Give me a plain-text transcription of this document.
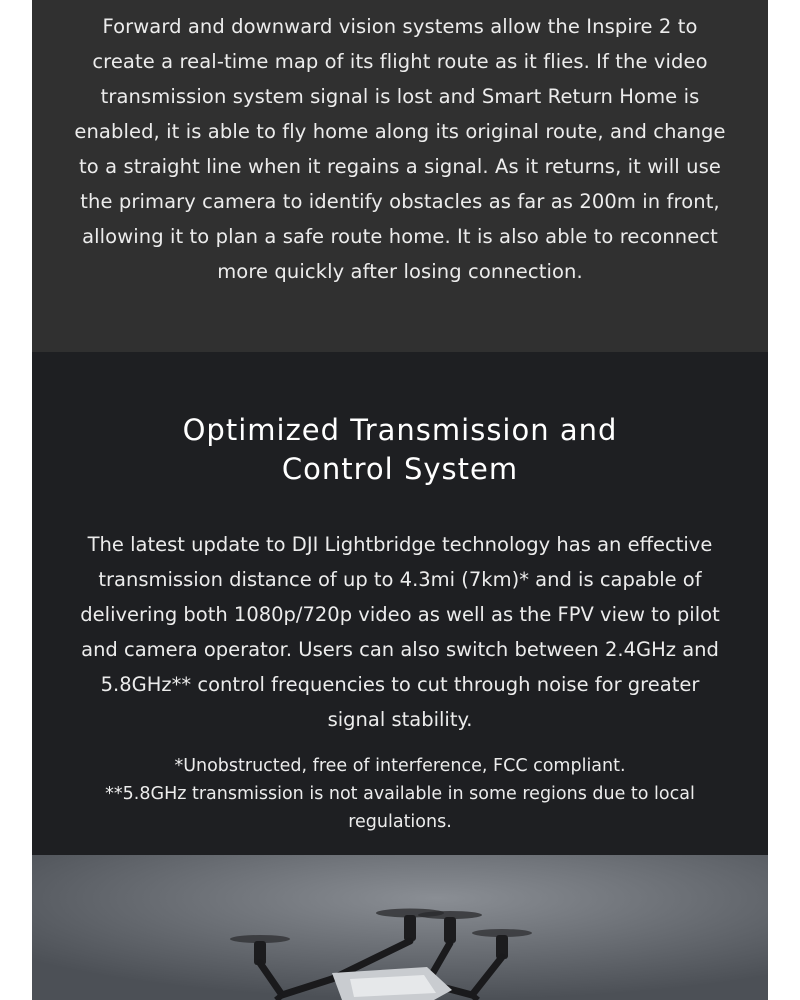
Forward and downward vision systems allow the Inspire 2 to create a real-time map of its flight route as it flies. If the video transmission system signal is lost and Smart Return Home is enabled, it is able to fly home along its original route, and change to a straight line when it regains a signal. As it returns, it will use the primary camera to identify obstacles as far as 200m in front, allowing it to plan a safe route home. It is also able to reconnect more quickly after losing connection.

Optimized Transmission and
Control System

The latest update to DJI Lightbridge technology has an effective transmission distance of up to 4.3mi (7km)* and is capable of delivering both 1080p/720p video as well as the FPV view to pilot and camera operator. Users can also switch between 2.4GHz and 5.8GHz** control frequencies to cut through noise for greater signal stability.

*Unobstructed, free of interference, FCC compliant.

**5.8GHz transmission is not available in some regions due to local regulations.
